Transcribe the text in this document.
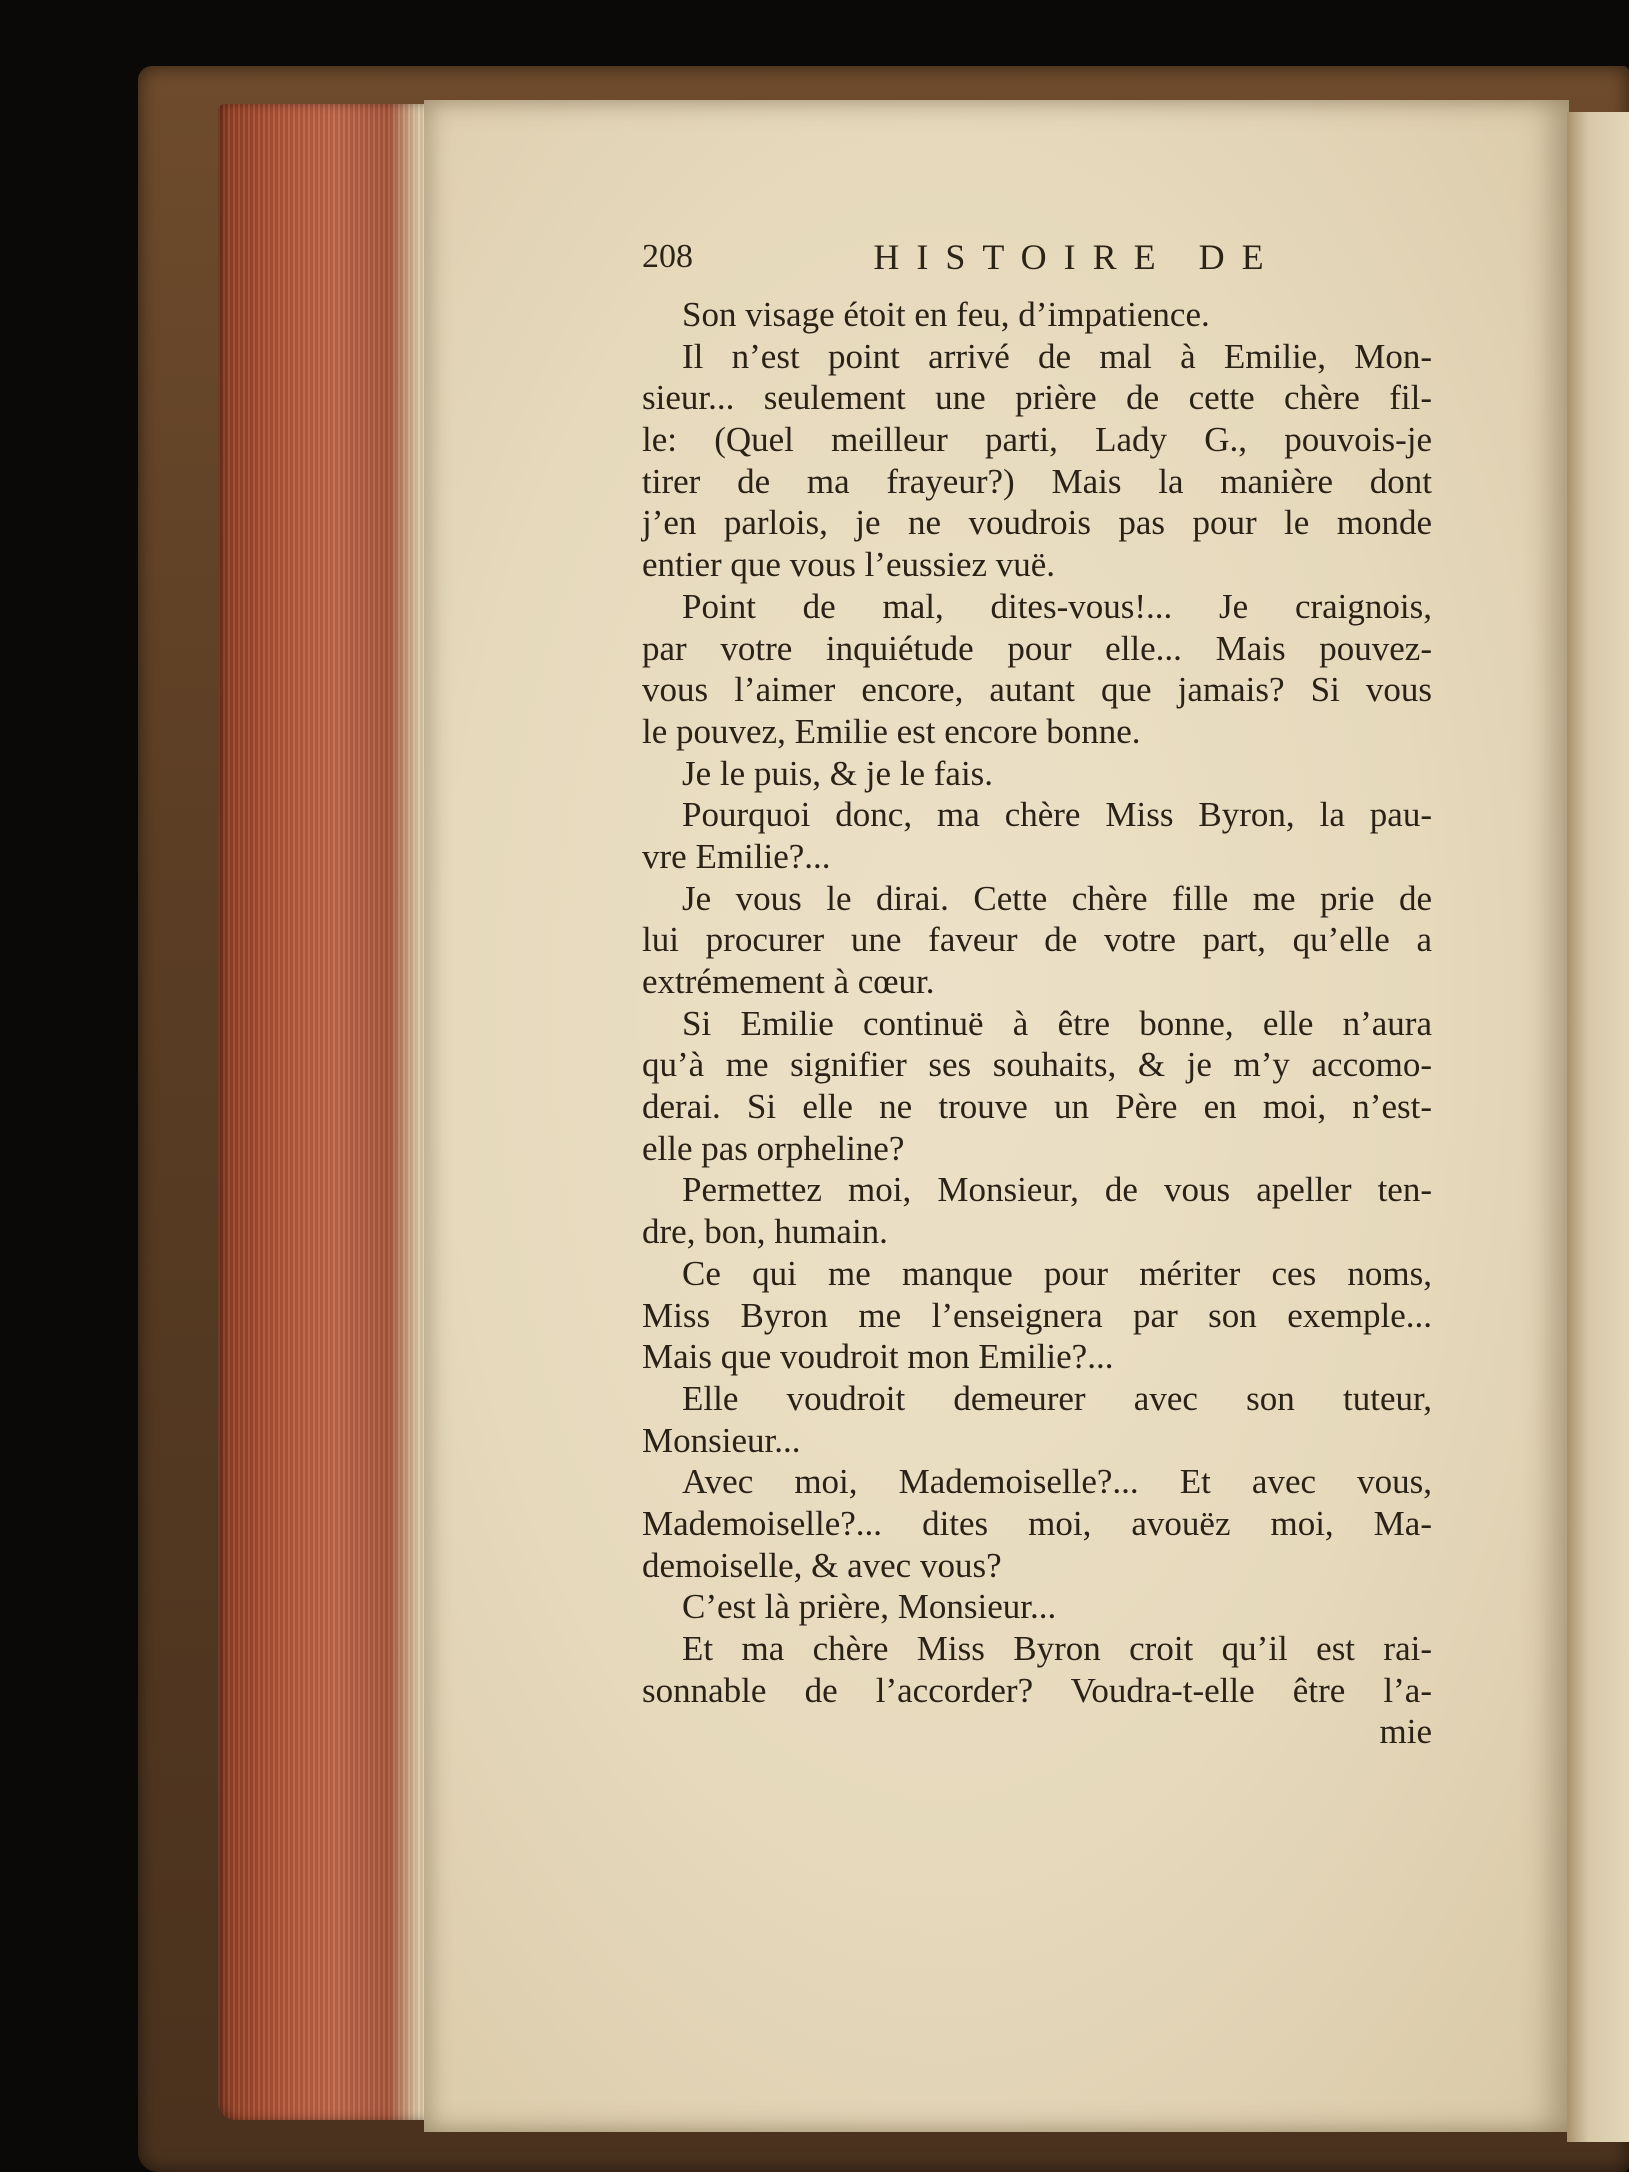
208	HISTOIRE DE
Son visage étoit en feu, d’impatience.
Il n’est point arrivé de mal à Emilie, Mon-
sieur... seulement une prière de cette chère fil-
le: (Quel meilleur parti, Lady G., pouvois-je
tirer de ma frayeur?) Mais la manière dont
j’en parlois, je ne voudrois pas pour le monde
entier que vous l’eussiez vuë.
Point de mal, dites-vous!... Je craignois,
par votre inquiétude pour elle... Mais pouvez-
vous l’aimer encore, autant que jamais? Si vous
le pouvez, Emilie est encore bonne.
Je le puis, & je le fais.
Pourquoi donc, ma chère Miss Byron, la pau-
vre Emilie?...
Je vous le dirai. Cette chère fille me prie de
lui procurer une faveur de votre part, qu’elle a
extrémement à cœur.
Si Emilie continuë à être bonne, elle n’aura
qu’à me signifier ses souhaits, & je m’y accomo-
derai. Si elle ne trouve un Père en moi, n’est-
elle pas orpheline?
Permettez moi, Monsieur, de vous apeller ten-
dre, bon, humain.
Ce qui me manque pour mériter ces noms,
Miss Byron me l’enseignera par son exemple...
Mais que voudroit mon Emilie?...
Elle voudroit demeurer avec son tuteur,
Monsieur...
Avec moi, Mademoiselle?... Et avec vous,
Mademoiselle?... dites moi, avouëz moi, Ma-
demoiselle, & avec vous?
C’est là prière, Monsieur...
Et ma chère Miss Byron croit qu’il est rai-
sonnable de l’accorder? Voudra-t-elle être l’a-
mie
